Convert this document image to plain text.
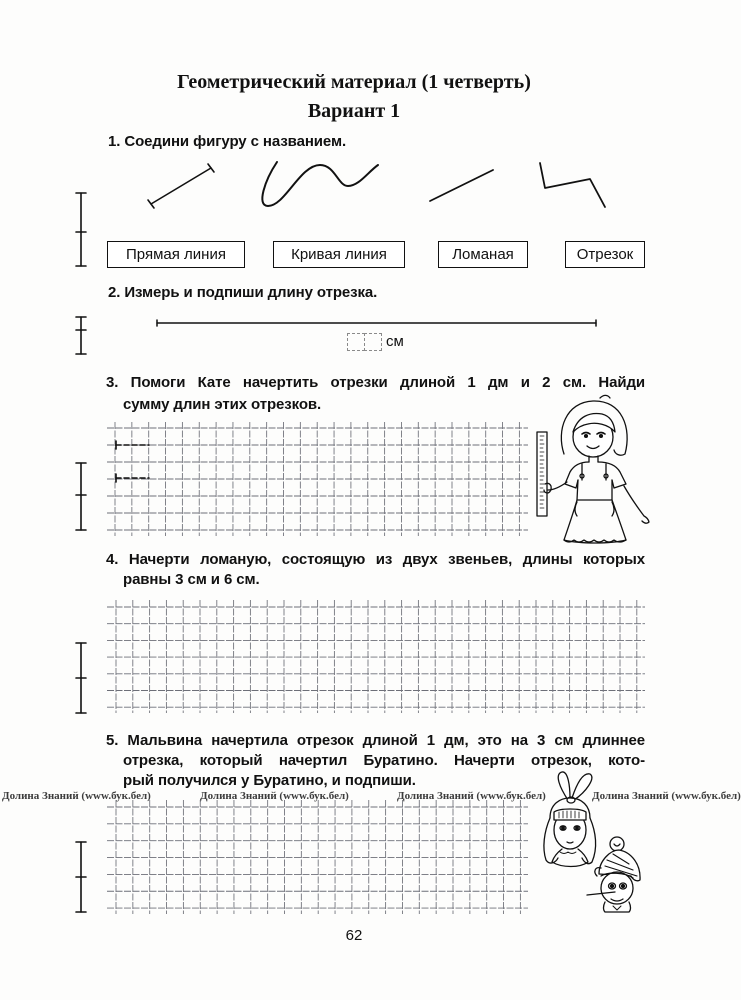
Геометрический материал (1 четверть)
Вариант 1
1. Соедини фигуру с названием.
Прямая линия	Кривая линия	Ломаная	Отрезок
2. Измерь и подпиши длину отрезка.
см
3. Помоги Кате начертить отрезки длиной 1 дм и 2 см. Найди
сумму длин этих отрезков.
4. Начерти ломаную, состоящую из двух звеньев, длины которых
равны 3 см и 6 см.
5. Мальвина начертила отрезок длиной 1 дм, это на 3 см длиннее
отрезка, который начертил Буратино. Начерти отрезок, кото-
рый получился у Буратино, и подпиши.
Долина Знаний (www.бук.бел)	Долина Знаний (www.бук.бел)	Долина Знаний (www.бук.бел)	Долина Знаний (www.бук.бел)
62
